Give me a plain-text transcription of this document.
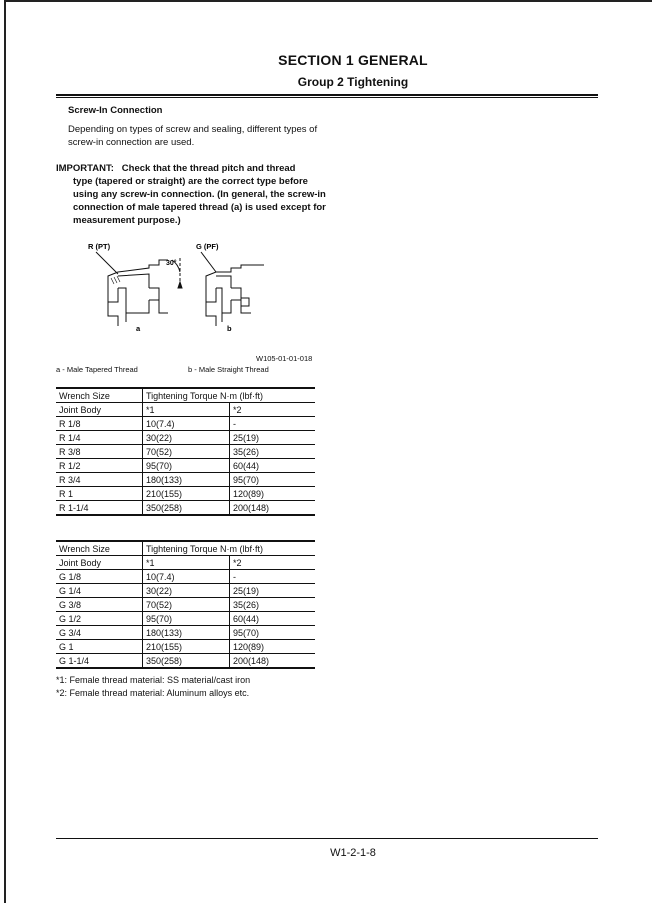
SECTION 1 GENERAL
Group 2 Tightening
Screw-In Connection
Depending on types of screw and sealing, different types of screw-in connection are used.
IMPORTANT: Check that the thread pitch and thread
type (tapered or straight) are the correct type before using any screw-in connection. (In general, the screw-in connection of male tapered thread (a) is used except for measurement purpose.)
R (PT)	G (PF)
30°
a	b
W105-01-01-018
a - Male Tapered Thread	b - Male Straight Thread
Wrench Size	Tightening Torque N·m (lbf·ft)	
Joint Body	*1	*2
R 1/8	10(7.4)	-
R 1/4	30(22)	25(19)
R 3/8	70(52)	35(26)
R 1/2	95(70)	60(44)
R 3/4	180(133)	95(70)
R 1	210(155)	120(89)
R 1-1/4	350(258)	200(148)
Wrench Size	Tightening Torque N·m (lbf·ft)	
Joint Body	*1	*2
G 1/8	10(7.4)	-
G 1/4	30(22)	25(19)
G 3/8	70(52)	35(26)
G 1/2	95(70)	60(44)
G 3/4	180(133)	95(70)
G 1	210(155)	120(89)
G 1-1/4	350(258)	200(148)
*1: Female thread material: SS material/cast iron
*2: Female thread material: Aluminum alloys etc.
W1-2-1-8
